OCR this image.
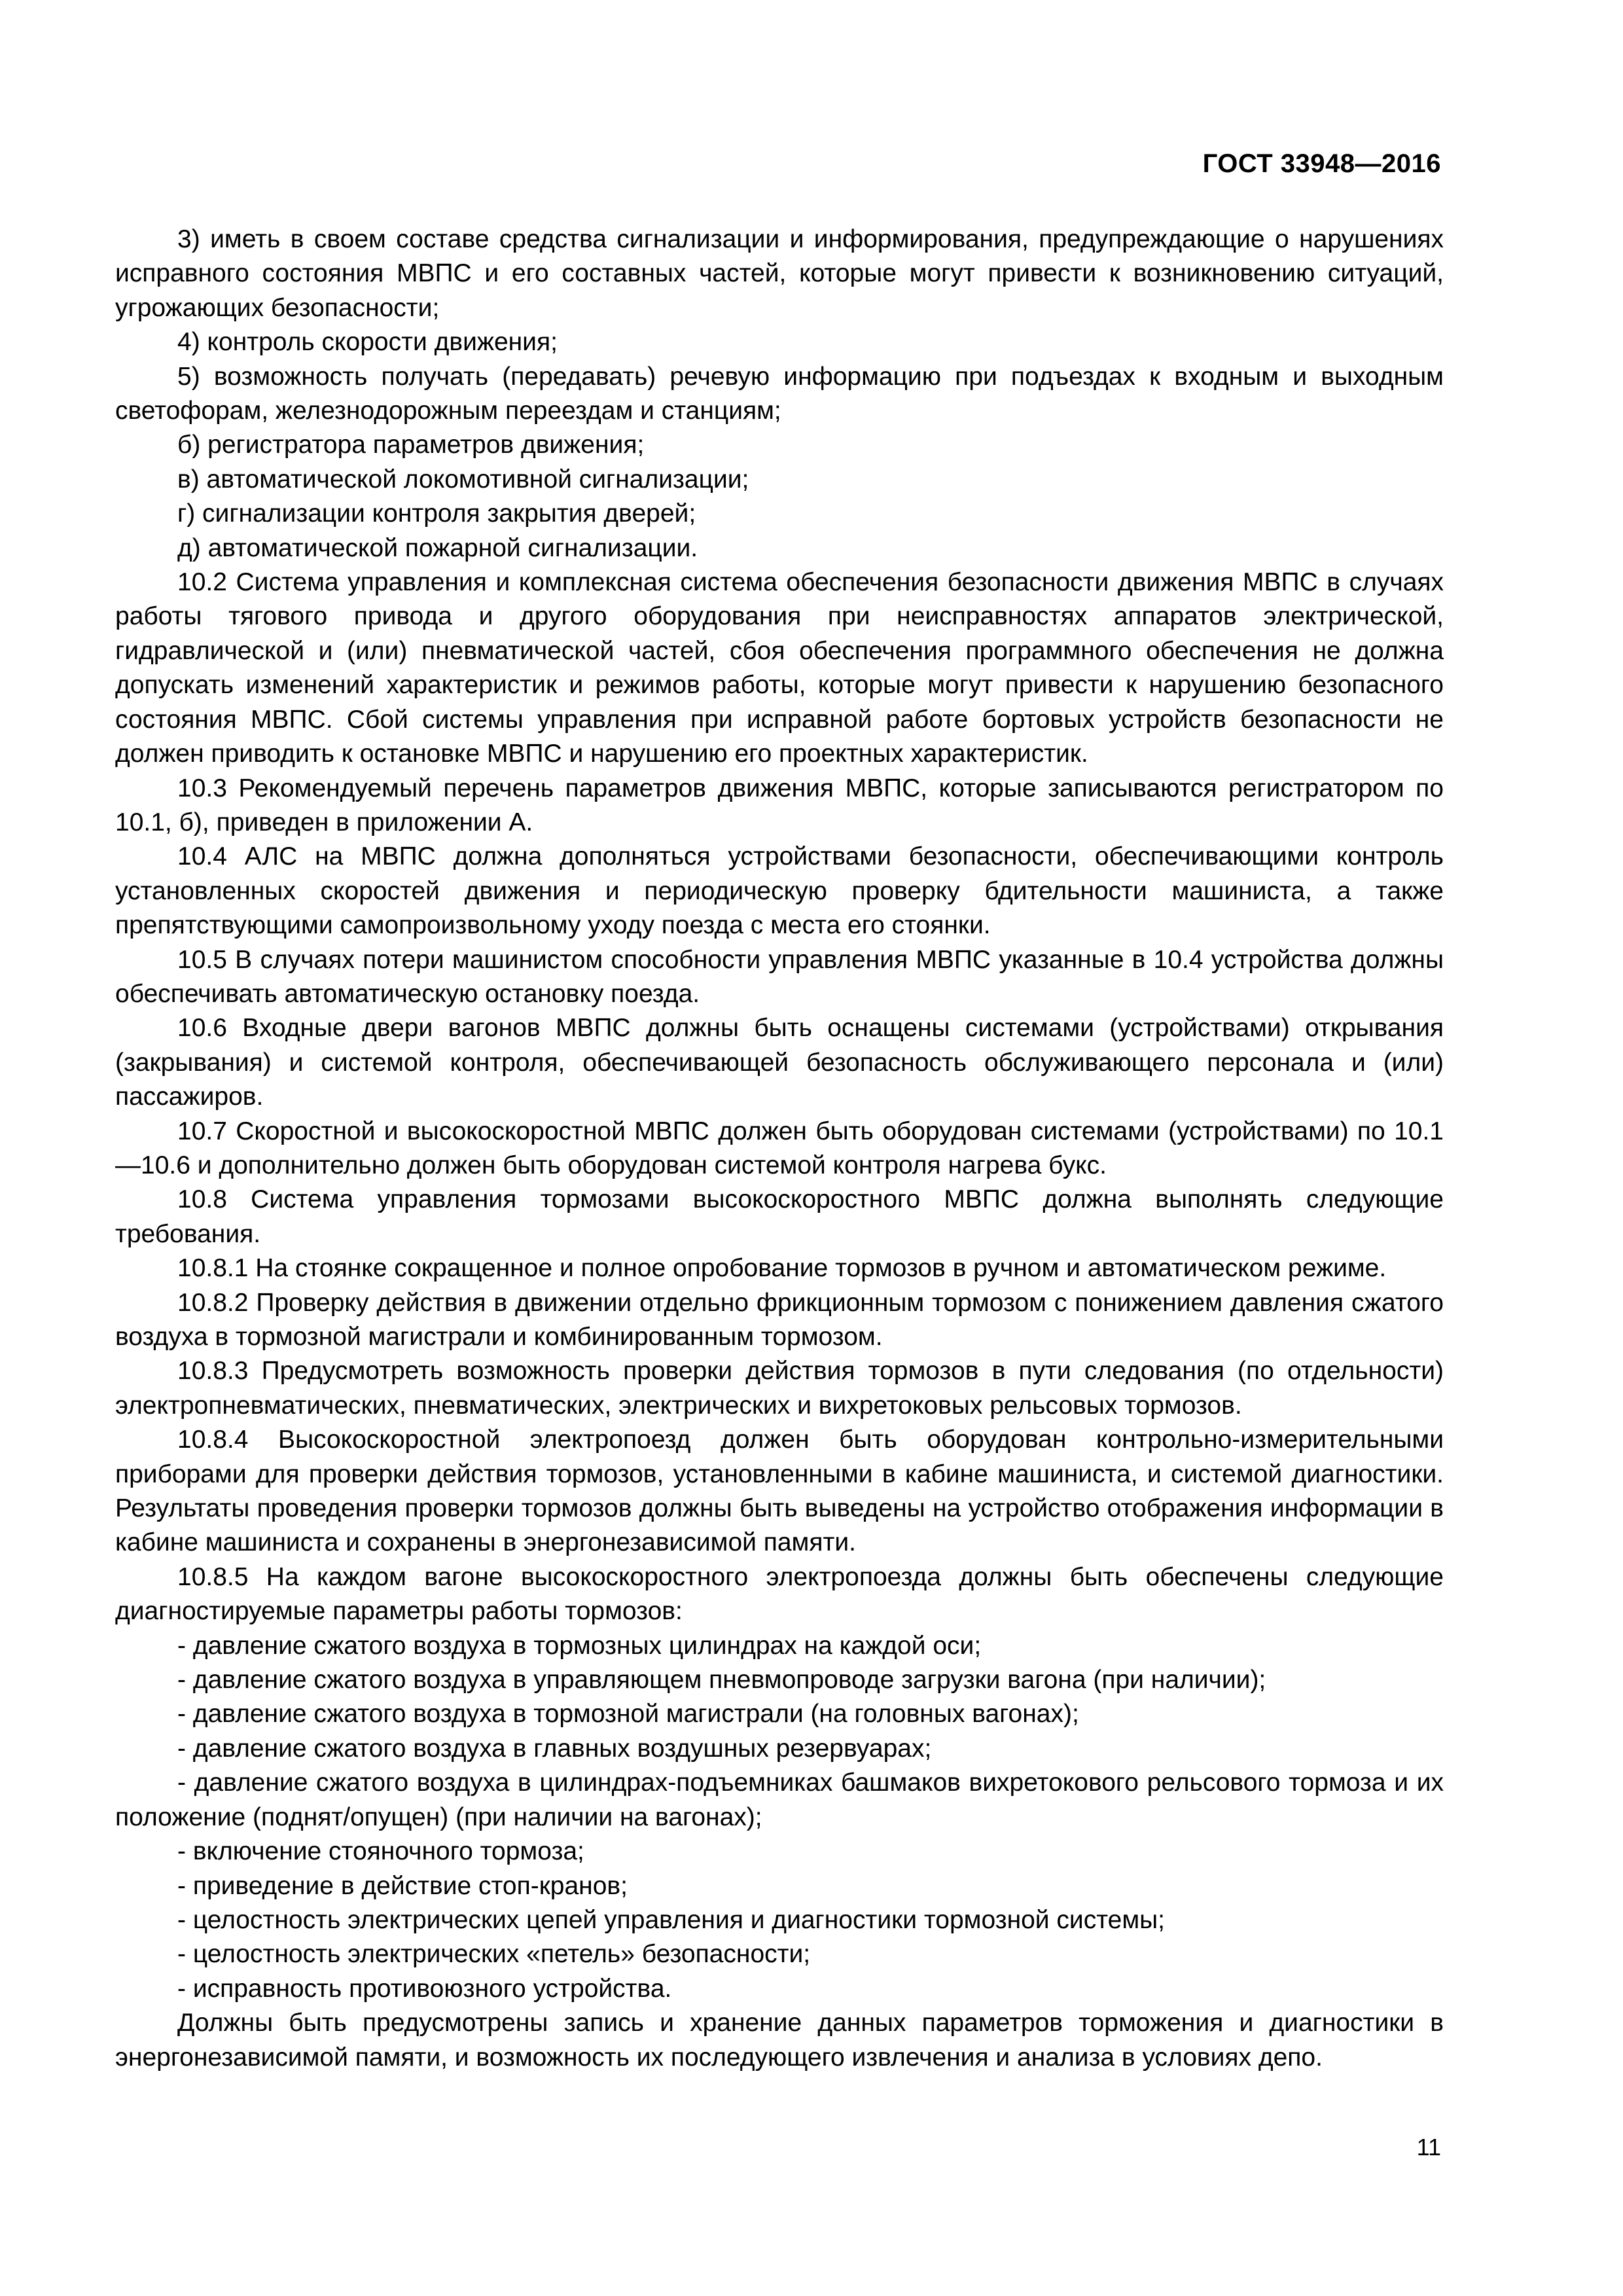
ГОСТ 33948—2016

3) иметь в своем составе средства сигнализации и информирования, предупреждающие о нарушениях исправного состояния МВПС и его составных частей, которые могут привести к возникновению ситуаций, угрожающих безопасности;

4) контроль скорости движения;

5) возможность получать (передавать) речевую информацию при подъездах к входным и выходным светофорам, железнодорожным переездам и станциям;

б) регистратора параметров движения;

в) автоматической локомотивной сигнализации;

г) сигнализации контроля закрытия дверей;

д) автоматической пожарной сигнализации.

10.2 Система управления и комплексная система обеспечения безопасности движения МВПС в случаях работы тягового привода и другого оборудования при неисправностях аппаратов электрической, гидравлической и (или) пневматической частей, сбоя обеспечения программного обеспечения не должна допускать изменений характеристик и режимов работы, которые могут привести к нарушению безопасного состояния МВПС. Сбой системы управления при исправной работе бортовых устройств безопасности не должен приводить к остановке МВПС и нарушению его проектных характеристик.

10.3 Рекомендуемый перечень параметров движения МВПС, которые записываются регистратором по 10.1, б), приведен в приложении А.

10.4 АЛС на МВПС должна дополняться устройствами безопасности, обеспечивающими контроль установленных скоростей движения и периодическую проверку бдительности машиниста, а также препятствующими самопроизвольному уходу поезда с места его стоянки.

10.5 В случаях потери машинистом способности управления МВПС указанные в 10.4 устройства должны обеспечивать автоматическую остановку поезда.

10.6 Входные двери вагонов МВПС должны быть оснащены системами (устройствами) открывания (закрывания) и системой контроля, обеспечивающей безопасность обслуживающего персонала и (или) пассажиров.

10.7 Скоростной и высокоскоростной МВПС должен быть оборудован системами (устройствами) по 10.1—10.6 и дополнительно должен быть оборудован системой контроля нагрева букс.

10.8 Система управления тормозами высокоскоростного МВПС должна выполнять следующие требования.

10.8.1 На стоянке сокращенное и полное опробование тормозов в ручном и автоматическом режиме.

10.8.2 Проверку действия в движении отдельно фрикционным тормозом с понижением давления сжатого воздуха в тормозной магистрали и комбинированным тормозом.

10.8.3 Предусмотреть возможность проверки действия тормозов в пути следования (по отдельности) электропневматических, пневматических, электрических и вихретоковых рельсовых тормозов.

10.8.4 Высокоскоростной электропоезд должен быть оборудован контрольно-измерительными приборами для проверки действия тормозов, установленными в кабине машиниста, и системой диагностики. Результаты проведения проверки тормозов должны быть выведены на устройство отображения информации в кабине машиниста и сохранены в энергонезависимой памяти.

10.8.5 На каждом вагоне высокоскоростного электропоезда должны быть обеспечены следующие диагностируемые параметры работы тормозов:

- давление сжатого воздуха в тормозных цилиндрах на каждой оси;

- давление сжатого воздуха в управляющем пневмопроводе загрузки вагона (при наличии);

- давление сжатого воздуха в тормозной магистрали (на головных вагонах);

- давление сжатого воздуха в главных воздушных резервуарах;

- давление сжатого воздуха в цилиндрах-подъемниках башмаков вихретокового рельсового тормоза и их положение (поднят/опущен) (при наличии на вагонах);

- включение стояночного тормоза;

- приведение в действие стоп-кранов;

- целостность электрических цепей управления и диагностики тормозной системы;

- целостность электрических «петель» безопасности;

- исправность противоюзного устройства.

Должны быть предусмотрены запись и хранение данных параметров торможения и диагностики в энергонезависимой памяти, и возможность их последующего извлечения и анализа в условиях депо.

11
